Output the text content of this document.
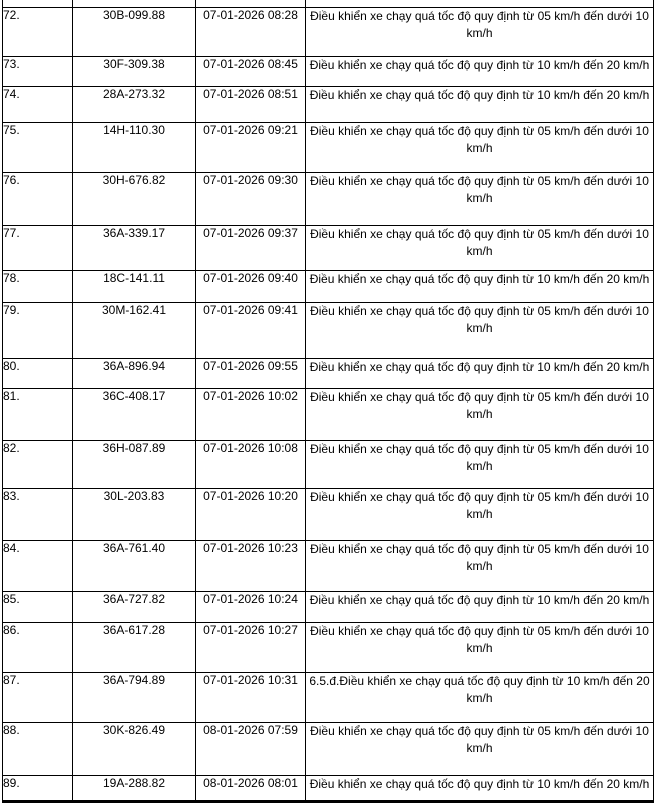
72.	30B-099.88	07-01-2026 08:28	Điều khiển xe chạy quá tốc độ quy định từ 05 km/h đến dưới 10 km/h
73.	30F-309.38	07-01-2026 08:45	Điều khiển xe chạy quá tốc độ quy định từ 10 km/h đến 20 km/h
74.	28A-273.32	07-01-2026 08:51	Điều khiển xe chạy quá tốc độ quy định từ 10 km/h đến 20 km/h
75.	14H-110.30	07-01-2026 09:21	Điều khiển xe chạy quá tốc độ quy định từ 05 km/h đến dưới 10 km/h
76.	30H-676.82	07-01-2026 09:30	Điều khiển xe chạy quá tốc độ quy định từ 05 km/h đến dưới 10 km/h
77.	36A-339.17	07-01-2026 09:37	Điều khiển xe chạy quá tốc độ quy định từ 05 km/h đến dưới 10 km/h
78.	18C-141.11	07-01-2026 09:40	Điều khiển xe chạy quá tốc độ quy định từ 10 km/h đến 20 km/h
79.	30M-162.41	07-01-2026 09:41	Điều khiển xe chạy quá tốc độ quy định từ 05 km/h đến dưới 10 km/h
80.	36A-896.94	07-01-2026 09:55	Điều khiển xe chạy quá tốc độ quy định từ 10 km/h đến 20 km/h
81.	36C-408.17	07-01-2026 10:02	Điều khiển xe chạy quá tốc độ quy định từ 05 km/h đến dưới 10 km/h
82.	36H-087.89	07-01-2026 10:08	Điều khiển xe chạy quá tốc độ quy định từ 05 km/h đến dưới 10 km/h
83.	30L-203.83	07-01-2026 10:20	Điều khiển xe chạy quá tốc độ quy định từ 05 km/h đến dưới 10 km/h
84.	36A-761.40	07-01-2026 10:23	Điều khiển xe chạy quá tốc độ quy định từ 05 km/h đến dưới 10 km/h
85.	36A-727.82	07-01-2026 10:24	Điều khiển xe chạy quá tốc độ quy định từ 10 km/h đến 20 km/h
86.	36A-617.28	07-01-2026 10:27	Điều khiển xe chạy quá tốc độ quy định từ 05 km/h đến dưới 10 km/h
87.	36A-794.89	07-01-2026 10:31	6.5.đ.Điều khiển xe chạy quá tốc độ quy định từ 10 km/h đến 20 km/h
88.	30K-826.49	08-01-2026 07:59	Điều khiển xe chạy quá tốc độ quy định từ 05 km/h đến dưới 10 km/h
89.	19A-288.82	08-01-2026 08:01	Điều khiển xe chạy quá tốc độ quy định từ 10 km/h đến 20 km/h
